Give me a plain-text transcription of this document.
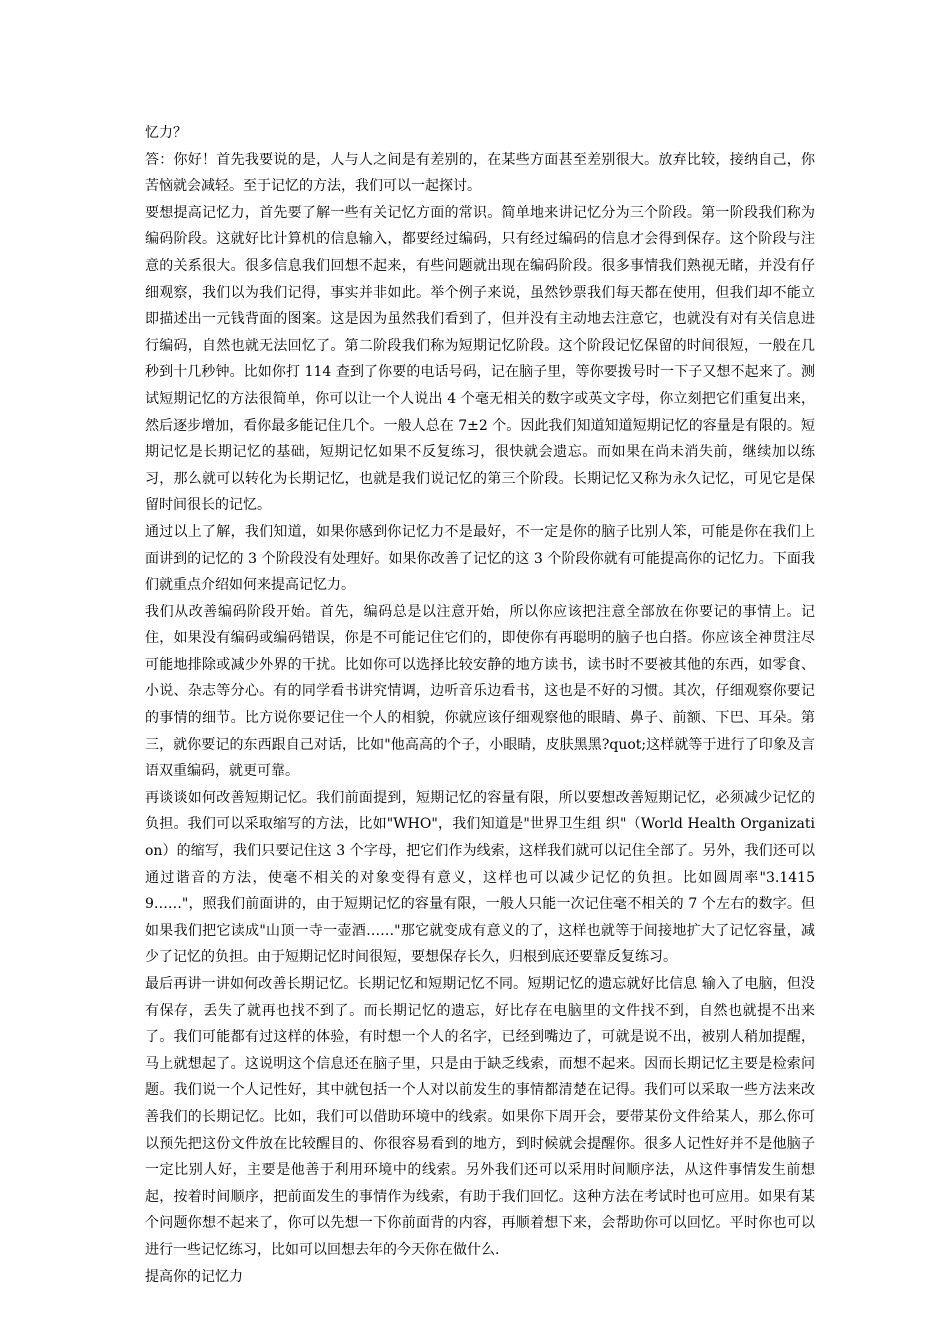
忆力？

答：你好！首先我要说的是，人与人之间是有差别的，在某些方面甚至差别很大。放弃比较，接纳自己，你苦恼就会减轻。至于记忆的方法，我们可以一起探讨。

要想提高记忆力，首先要了解一些有关记忆方面的常识。简单地来讲记忆分为三个阶段。第一阶段我们称为编码阶段。这就好比计算机的信息输入，都要经过编码，只有经过编码的信息才会得到保存。这个阶段与注意的关系很大。很多信息我们回想不起来，有些问题就出现在编码阶段。很多事情我们熟视无睹，并没有仔细观察，我们以为我们记得，事实并非如此。举个例子来说，虽然钞票我们每天都在使用，但我们却不能立即描述出一元钱背面的图案。这是因为虽然我们看到了，但并没有主动地去注意它，也就没有对有关信息进行编码，自然也就无法回忆了。第二阶段我们称为短期记忆阶段。这个阶段记忆保留的时间很短，一般在几秒到十几秒钟。比如你打 114 查到了你要的电话号码，记在脑子里，等你要拨号时一下子又想不起来了。测试短期记忆的方法很简单，你可以让一个人说出 4 个毫无相关的数字或英文字母，你立刻把它们重复出来，然后逐步增加，看你最多能记住几个。一般人总在 7±2 个。因此我们知道知道短期记忆的容量是有限的。短期记忆是长期记忆的基础，短期记忆如果不反复练习，很快就会遗忘。而如果在尚未消失前，继续加以练习，那么就可以转化为长期记忆，也就是我们说记忆的第三个阶段。长期记忆又称为永久记忆，可见它是保留时间很长的记忆。

通过以上了解，我们知道，如果你感到你记忆力不是最好，不一定是你的脑子比别人笨，可能是你在我们上面讲到的记忆的 3 个阶段没有处理好。如果你改善了记忆的这 3 个阶段你就有可能提高你的记忆力。下面我们就重点介绍如何来提高记忆力。

我们从改善编码阶段开始。首先，编码总是以注意开始，所以你应该把注意全部放在你要记的事情上。记住，如果没有编码或编码错误，你是不可能记住它们的，即使你有再聪明的脑子也白搭。你应该全神贯注尽可能地排除或减少外界的干扰。比如你可以选择比较安静的地方读书，读书时不要被其他的东西，如零食、小说、杂志等分心。有的同学看书讲究情调，边听音乐边看书，这也是不好的习惯。其次，仔细观察你要记的事情的细节。比方说你要记住一个人的相貌，你就应该仔细观察他的眼睛、鼻子、前额、下巴、耳朵。第三，就你要记的东西跟自己对话，比如"他高高的个子，小眼睛，皮肤黑黑?quot;这样就等于进行了印象及言语双重编码，就更可靠。

再谈谈如何改善短期记忆。我们前面提到，短期记忆的容量有限，所以要想改善短期记忆，必须减少记忆的负担。我们可以采取缩写的方法，比如"WHO"，我们知道是"世界卫生组 织"（World Health Organization）的缩写，我们只要记住这 3 个字母，把它们作为线索，这样我们就可以记住全部了。另外，我们还可以通过谐音的方法，使毫不相关的对象变得有意义，这样也可以减少记忆的负担。比如圆周率"3.14159……"，照我们前面讲的，由于短期记忆的容量有限，一般人只能一次记住毫不相关的 7 个左右的数字。但如果我们把它读成"山顶一寺一壶酒……"那它就变成有意义的了，这样也就等于间接地扩大了记忆容量，减少了记忆的负担。由于短期记忆时间很短，要想保存长久，归根到底还要靠反复练习。

最后再讲一讲如何改善长期记忆。长期记忆和短期记忆不同。短期记忆的遗忘就好比信息 输入了电脑，但没有保存，丢失了就再也找不到了。而长期记忆的遗忘，好比存在电脑里的文件找不到，自然也就提不出来了。我们可能都有过这样的体验，有时想一个人的名字，已经到嘴边了，可就是说不出，被别人稍加提醒，马上就想起了。这说明这个信息还在脑子里，只是由于缺乏线索，而想不起来。因而长期记忆主要是检索问题。我们说一个人记性好，其中就包括一个人对以前发生的事情都清楚在记得。我们可以采取一些方法来改善我们的长期记忆。比如，我们可以借助环境中的线索。如果你下周开会，要带某份文件给某人，那么你可以预先把这份文件放在比较醒目的、你很容易看到的地方，到时候就会提醒你。很多人记性好并不是他脑子一定比别人好，主要是他善于利用环境中的线索。另外我们还可以采用时间顺序法，从这件事情发生前想起，按着时间顺序，把前面发生的事情作为线索，有助于我们回忆。这种方法在考试时也可应用。如果有某个问题你想不起来了，你可以先想一下你前面背的内容，再顺着想下来，会帮助你可以回忆。平时你也可以进行一些记忆练习，比如可以回想去年的今天你在做什么.

提高你的记忆力
